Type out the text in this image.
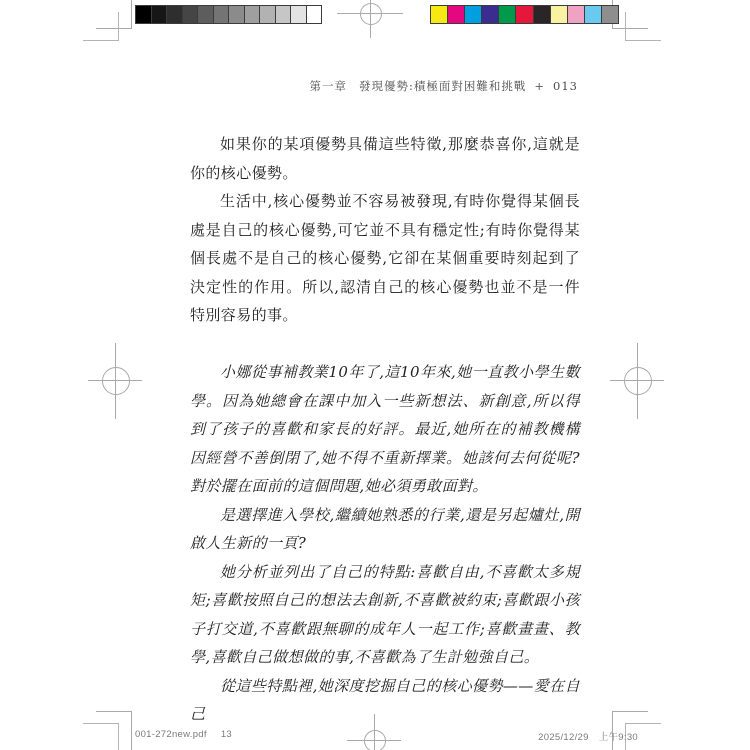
第一章 發現優勢:積極面對困難和挑戰 + 013

如果你的某項優勢具備這些特徵,那麼恭喜你,這就是你的核心優勢。

生活中,核心優勢並不容易被發現,有時你覺得某個長處是自己的核心優勢,可它並不具有穩定性;有時你覺得某個長處不是自己的核心優勢,它卻在某個重要時刻起到了決定性的作用。所以,認清自己的核心優勢也並不是一件特別容易的事。

小娜從事補教業10年了,這10年來,她一直教小學生數學。因為她總會在課中加入一些新想法、新創意,所以得到了孩子的喜歡和家長的好評。最近,她所在的補教機構因經營不善倒閉了,她不得不重新擇業。她該何去何從呢?對於擺在面前的這個問題,她必須勇敢面對。

是選擇進入學校,繼續她熟悉的行業,還是另起爐灶,開啟人生新的一頁?

她分析並列出了自己的特點:喜歡自由,不喜歡太多規矩;喜歡按照自己的想法去創新,不喜歡被約束;喜歡跟小孩子打交道,不喜歡跟無聊的成年人一起工作;喜歡畫畫、教學,喜歡自己做想做的事,不喜歡為了生計勉強自己。

從這些特點裡,她深度挖掘自己的核心優勢——愛在自己

001-272new.pdf 13	2025/12/29 上午9:30
